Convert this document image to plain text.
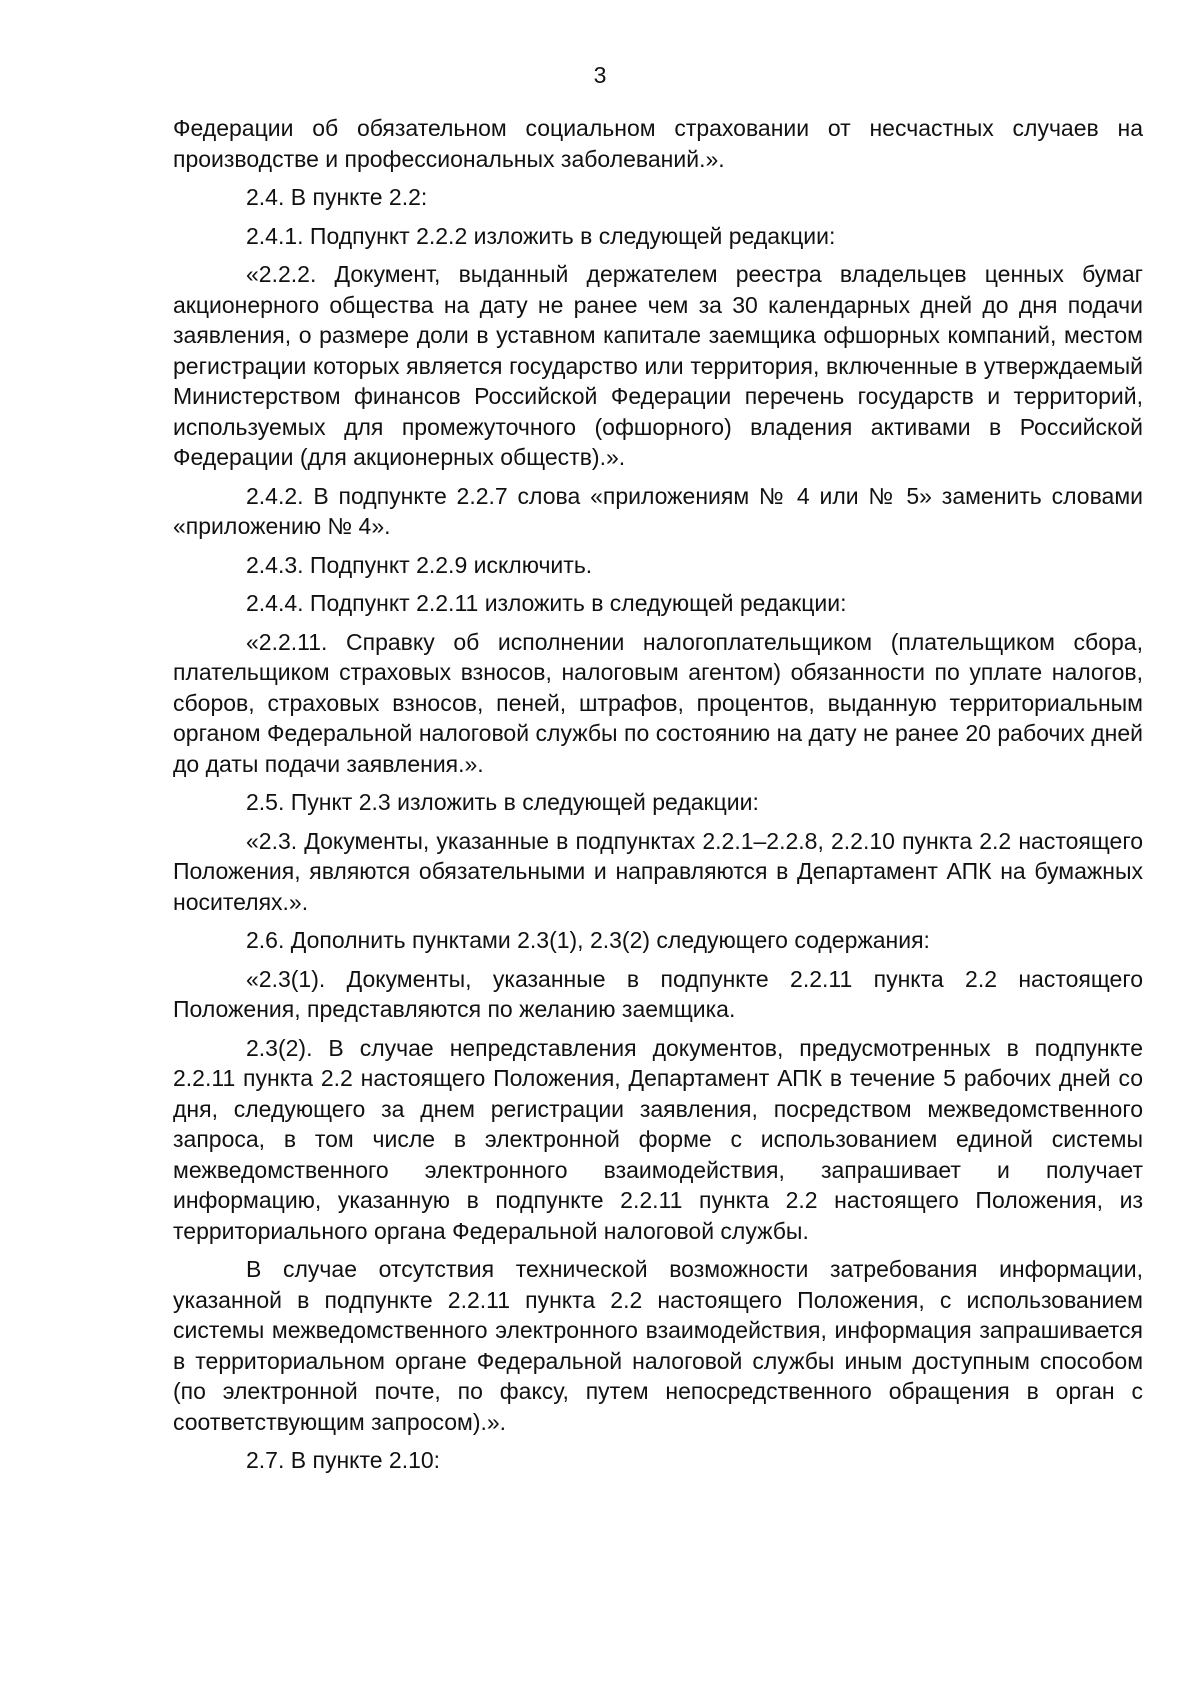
3

Федерации об обязательном социальном страховании от несчастных случаев на производстве и профессиональных заболеваний.».

2.4. В пункте 2.2:

2.4.1. Подпункт 2.2.2 изложить в следующей редакции:

«2.2.2. Документ, выданный держателем реестра владельцев ценных бумаг акционерного общества на дату не ранее чем за 30 календарных дней до дня подачи заявления, о размере доли в уставном капитале заемщика офшорных компаний, местом регистрации которых является государство или территория, включенные в утверждаемый Министерством финансов Российской Федерации перечень государств и территорий, используемых для промежуточного (офшорного) владения активами в Российской Федерации (для акционерных обществ).».

2.4.2. В подпункте 2.2.7 слова «приложениям № 4 или № 5» заменить словами «приложению № 4».

2.4.3. Подпункт 2.2.9 исключить.

2.4.4. Подпункт 2.2.11 изложить в следующей редакции:

«2.2.11. Справку об исполнении налогоплательщиком (плательщиком сбора, плательщиком страховых взносов, налоговым агентом) обязанности по уплате налогов, сборов, страховых взносов, пеней, штрафов, процентов, выданную территориальным органом Федеральной налоговой службы по состоянию на дату не ранее 20 рабочих дней до даты подачи заявления.».

2.5. Пункт 2.3 изложить в следующей редакции:

«2.3. Документы, указанные в подпунктах 2.2.1–2.2.8, 2.2.10 пункта 2.2 настоящего Положения, являются обязательными и направляются в Департамент АПК на бумажных носителях.».

2.6. Дополнить пунктами 2.3(1), 2.3(2) следующего содержания:

«2.3(1). Документы, указанные в подпункте 2.2.11 пункта 2.2 настоящего Положения, представляются по желанию заемщика.

2.3(2). В случае непредставления документов, предусмотренных в подпункте 2.2.11 пункта 2.2 настоящего Положения, Департамент АПК в течение 5 рабочих дней со дня, следующего за днем регистрации заявления, посредством межведомственного запроса, в том числе в электронной форме с использованием единой системы межведомственного электронного взаимодействия, запрашивает и получает информацию, указанную в подпункте 2.2.11 пункта 2.2 настоящего Положения, из территориального органа Федеральной налоговой службы.

В случае отсутствия технической возможности затребования информации, указанной в подпункте 2.2.11 пункта 2.2 настоящего Положения, с использованием системы межведомственного электронного взаимодействия, информация запрашивается в территориальном органе Федеральной налоговой службы иным доступным способом (по электронной почте, по факсу, путем непосредственного обращения в орган с соответствующим запросом).».

2.7. В пункте 2.10:
